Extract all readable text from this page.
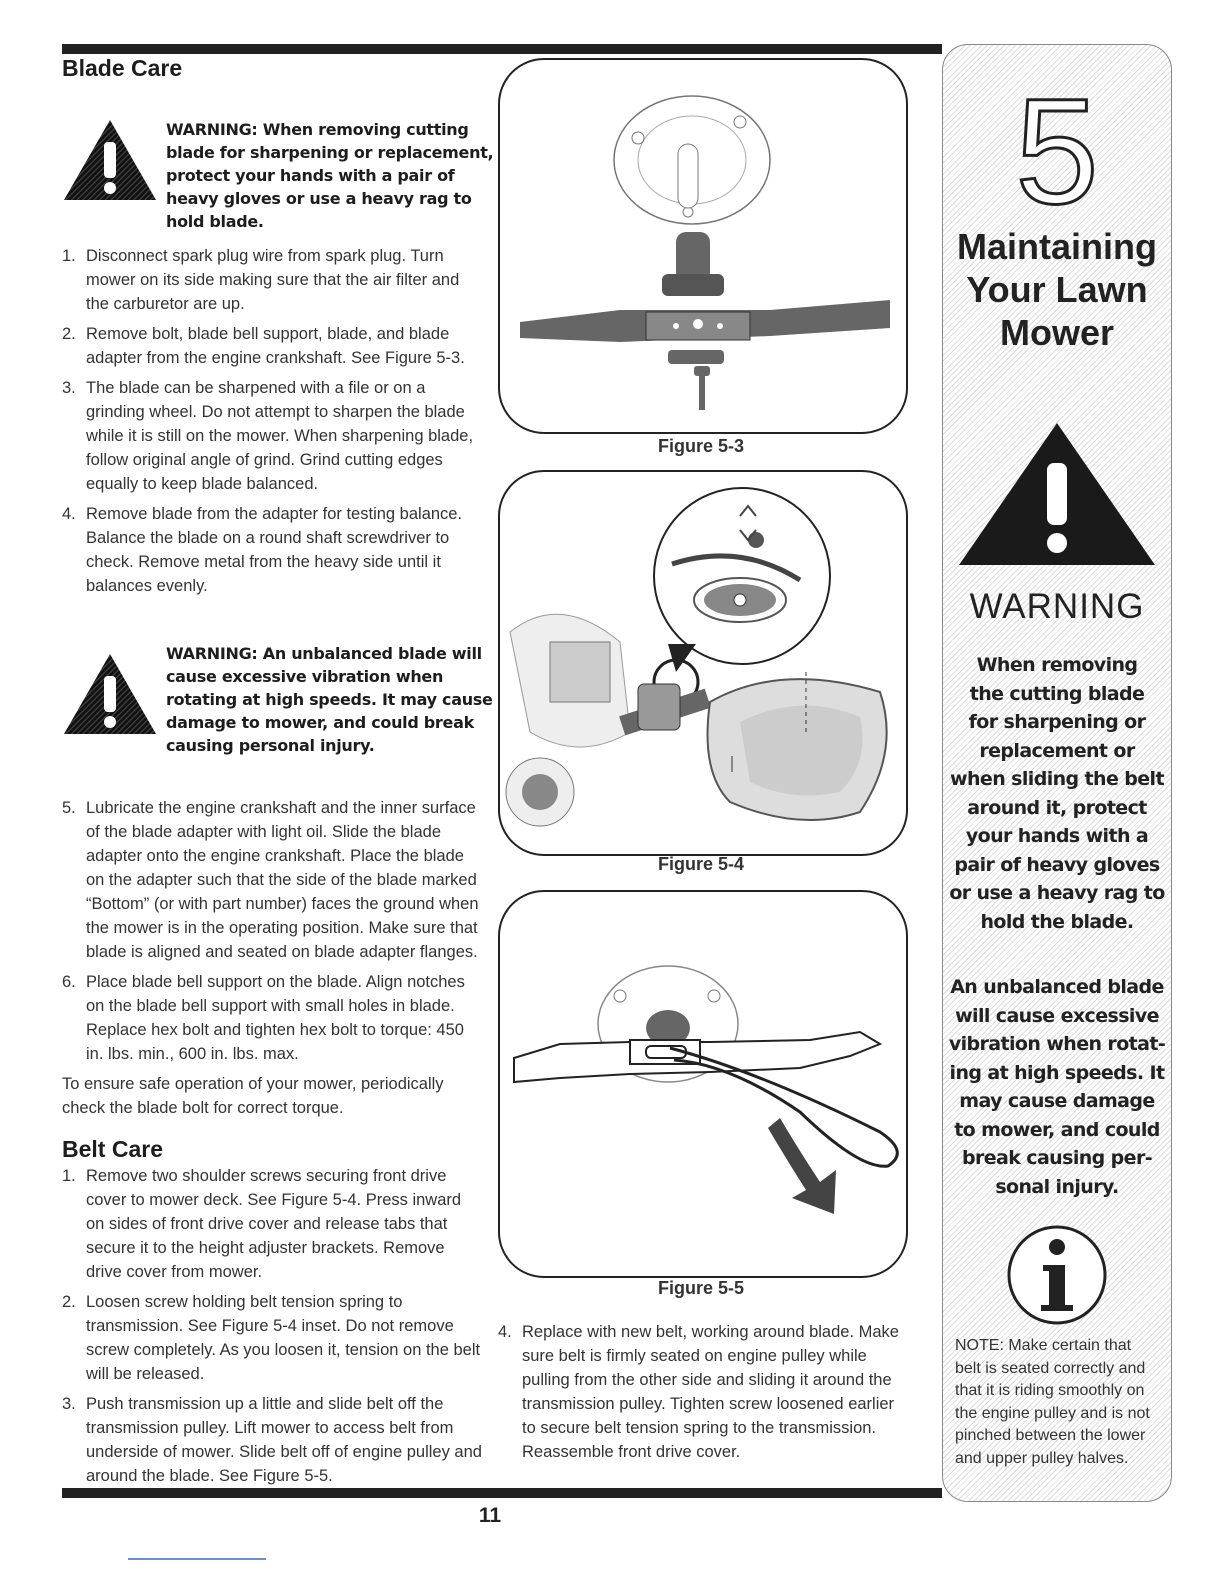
Blade Care
WARNING: When removing cutting blade for sharpening or replacement, protect your hands with a pair of heavy gloves or use a heavy rag to hold blade.
1. Disconnect spark plug wire from spark plug. Turn mower on its side making sure that the air filter and the carburetor are up.
2. Remove bolt, blade bell support, blade, and blade adapter from the engine crankshaft. See Figure 5-3.
3. The blade can be sharpened with a file or on a grinding wheel. Do not attempt to sharpen the blade while it is still on the mower. When sharpening blade, follow original angle of grind. Grind cutting edges equally to keep blade balanced.
4. Remove blade from the adapter for testing balance. Balance the blade on a round shaft screwdriver to check. Remove metal from the heavy side until it balances evenly.
WARNING: An unbalanced blade will cause excessive vibration when rotating at high speeds. It may cause damage to mower, and could break causing personal injury.
5. Lubricate the engine crankshaft and the inner surface of the blade adapter with light oil. Slide the blade adapter onto the engine crankshaft. Place the blade on the adapter such that the side of the blade marked “Bottom” (or with part number) faces the ground when the mower is in the operating position. Make sure that blade is aligned and seated on blade adapter flanges.
6. Place blade bell support on the blade. Align notches on the blade bell support with small holes in blade. Replace hex bolt and tighten hex bolt to torque: 450 in. lbs. min., 600 in. lbs. max.

To ensure safe operation of your mower, periodically check the blade bolt for correct torque.

Belt Care
1. Remove two shoulder screws securing front drive cover to mower deck. See Figure 5-4. Press inward on sides of front drive cover and release tabs that secure it to the height adjuster brackets. Remove drive cover from mower.
2. Loosen screw holding belt tension spring to transmission. See Figure 5-4 inset. Do not remove screw completely. As you loosen it, tension on the belt will be released.
3. Push transmission up a little and slide belt off the transmission pulley. Lift mower to access belt from underside of mower. Slide belt off of engine pulley and around the blade. See Figure 5-5.
Figure 5-3
Figure 5-4
Figure 5-5
4. Replace with new belt, working around blade. Make sure belt is firmly seated on engine pulley while pulling from the other side and sliding it around the transmission pulley. Tighten screw loosened earlier to secure belt tension spring to the transmission. Reassemble front drive cover.
5
Maintaining
Your Lawn
Mower
WARNING
When removing
the cutting blade
for sharpening or
replacement or
when sliding the belt
around it, protect
your hands with a
pair of heavy gloves
or use a heavy rag to
hold the blade.
An unbalanced blade
will cause excessive
vibration when rotat-
ing at high speeds. It
may cause damage
to mower, and could
break causing per-
sonal injury.
NOTE: Make certain that
belt is seated correctly and
that it is riding smoothly on
the engine pulley and is not
pinched between the lower
and upper pulley halves.
11
